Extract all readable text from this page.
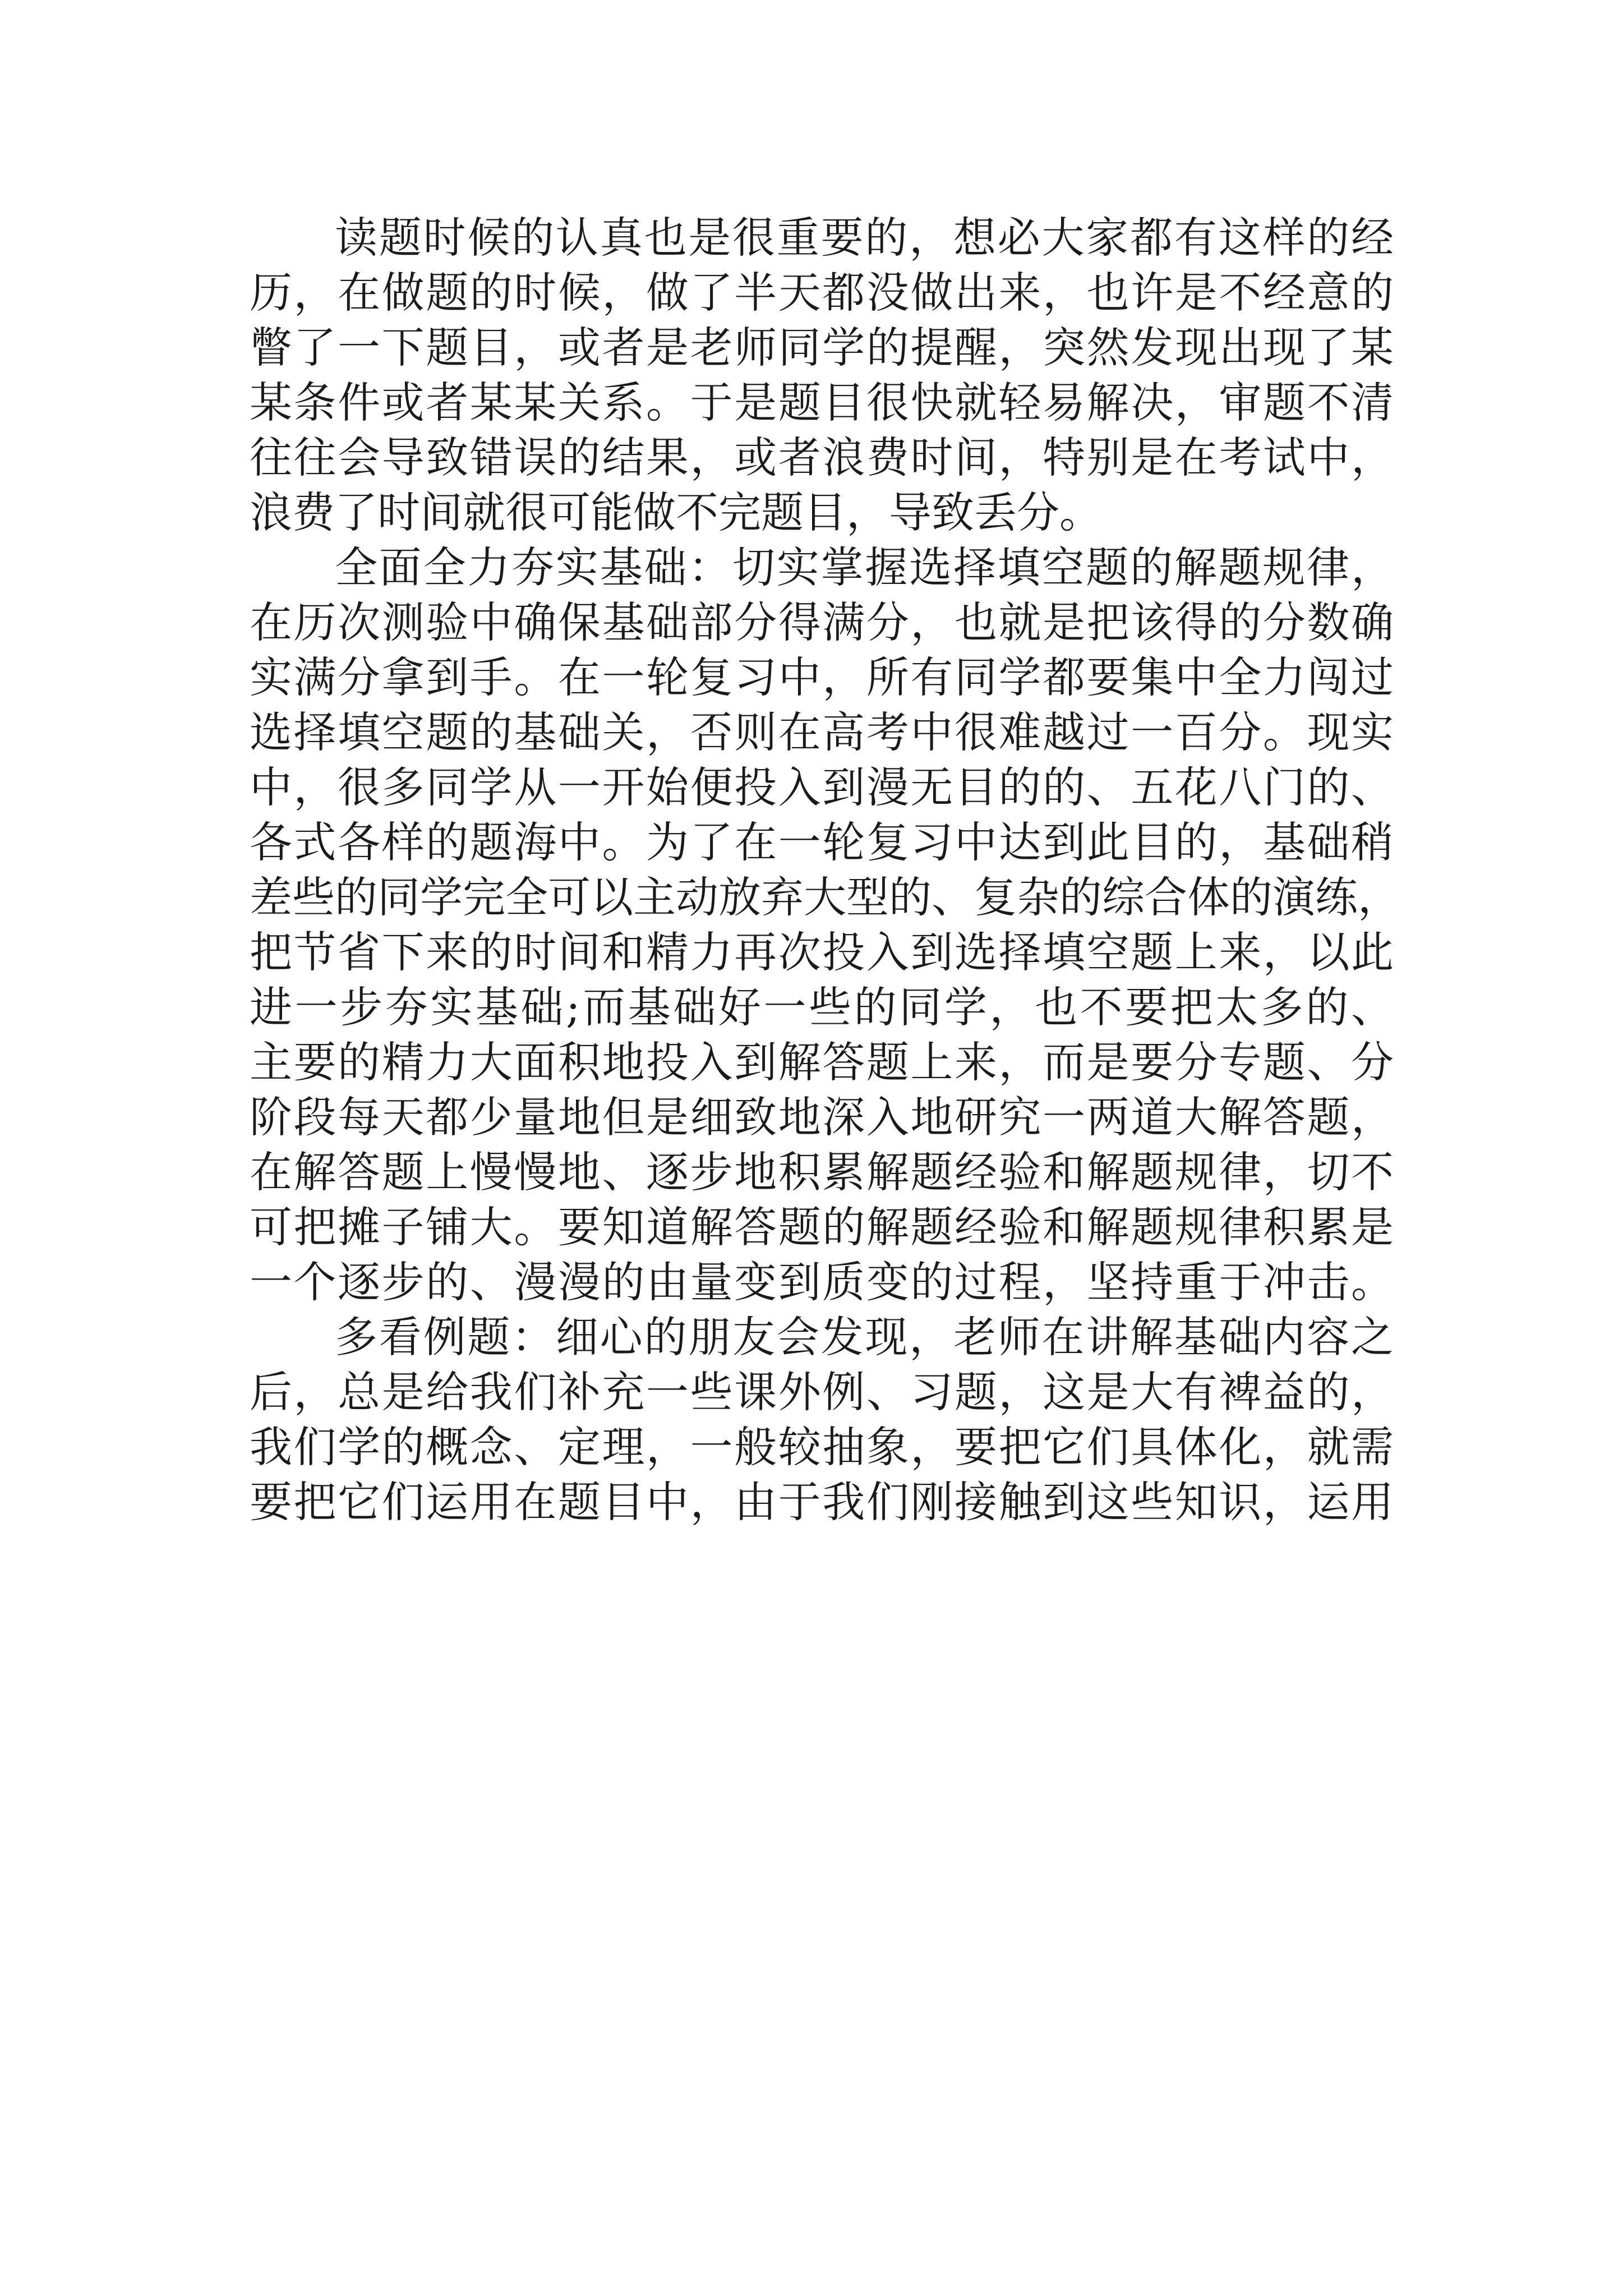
读题时候的认真也是很重要的，想必大家都有这样的经
历，在做题的时候，做了半天都没做出来，也许是不经意的
瞥了一下题目，或者是老师同学的提醒，突然发现出现了某
某条件或者某某关系。于是题目很快就轻易解决，审题不清
往往会导致错误的结果，或者浪费时间，特别是在考试中，
浪费了时间就很可能做不完题目，导致丢分。

全面全力夯实基础：切实掌握选择填空题的解题规律，
在历次测验中确保基础部分得满分，也就是把该得的分数确
实满分拿到手。在一轮复习中，所有同学都要集中全力闯过
选择填空题的基础关，否则在高考中很难越过一百分。现实
中，很多同学从一开始便投入到漫无目的的、五花八门的、
各式各样的题海中。为了在一轮复习中达到此目的，基础稍
差些的同学完全可以主动放弃大型的、复杂的综合体的演练，
把节省下来的时间和精力再次投入到选择填空题上来，以此
进一步夯实基础;而基础好一些的同学，也不要把太多的、
主要的精力大面积地投入到解答题上来，而是要分专题、分
阶段每天都少量地但是细致地深入地研究一两道大解答题，
在解答题上慢慢地、逐步地积累解题经验和解题规律，切不
可把摊子铺大。要知道解答题的解题经验和解题规律积累是
一个逐步的、漫漫的由量变到质变的过程，坚持重于冲击。

多看例题：细心的朋友会发现，老师在讲解基础内容之
后，总是给我们补充一些课外例、习题，这是大有裨益的，
我们学的概念、定理，一般较抽象，要把它们具体化，就需
要把它们运用在题目中，由于我们刚接触到这些知识，运用
